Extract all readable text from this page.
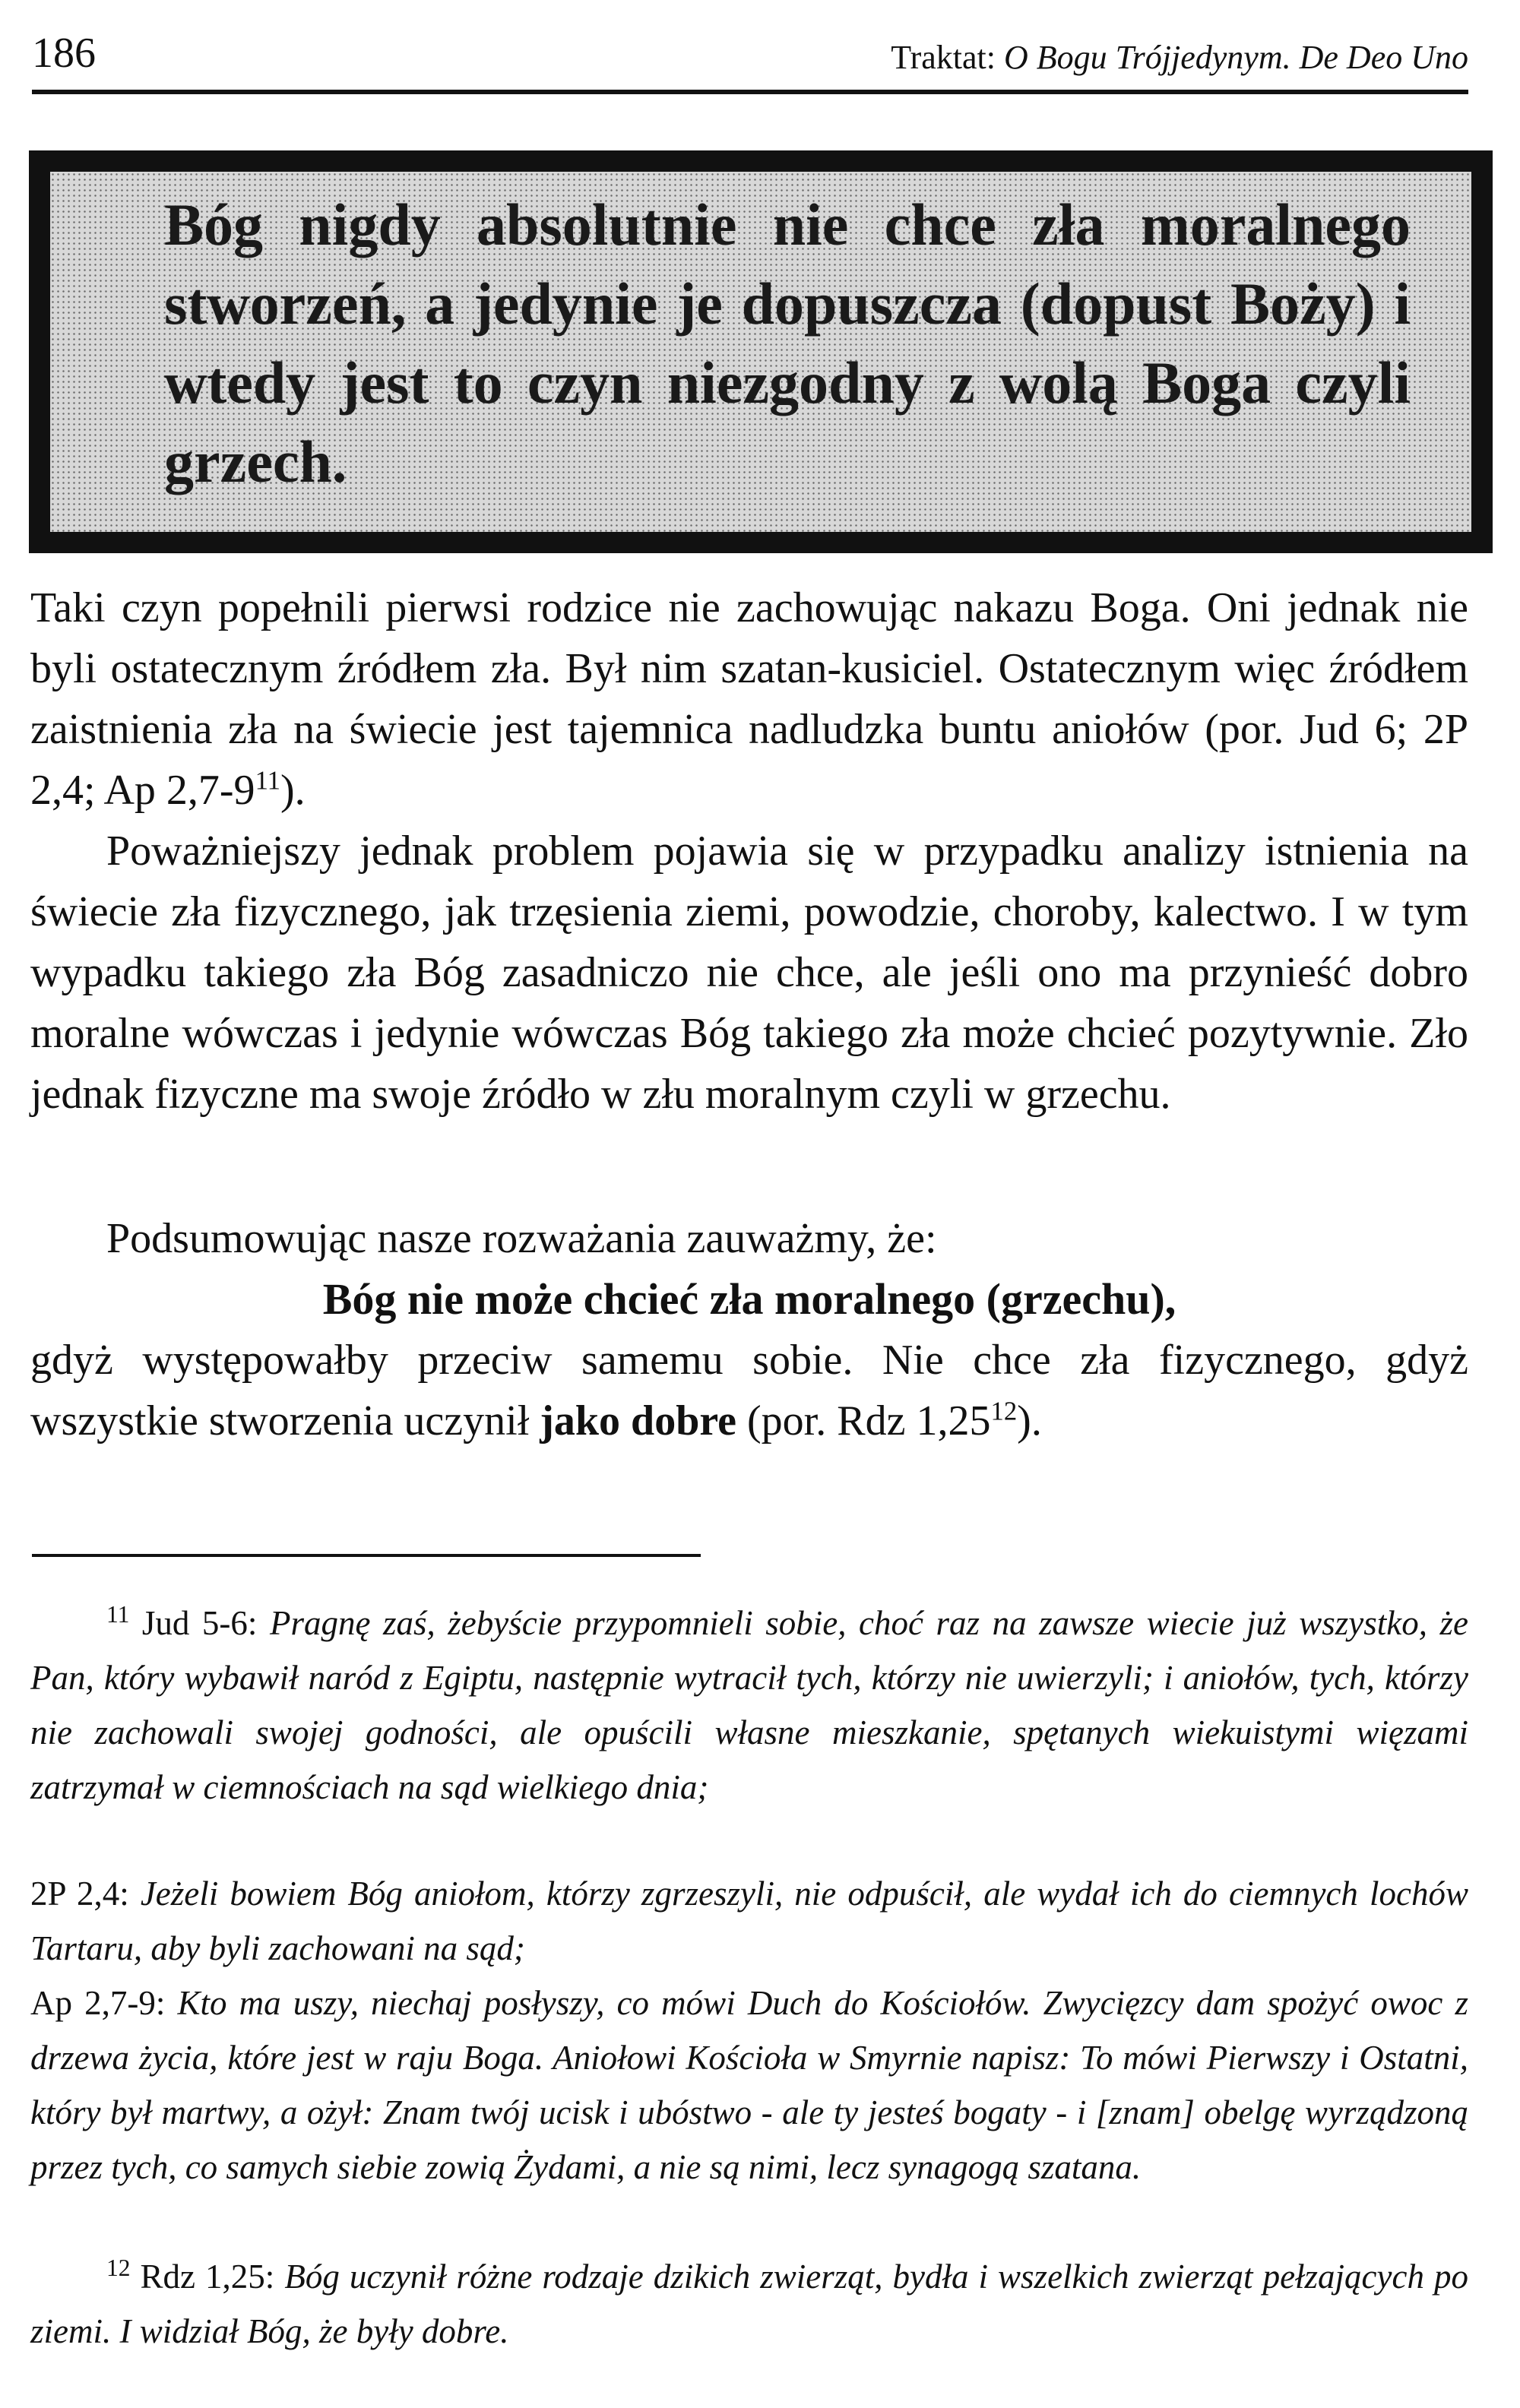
186	Traktat: O Bogu Trójjedynym. De Deo Uno
Bóg nigdy absolutnie nie chce zła moralnego stworzeń, a jedynie je dopuszcza (dopust Boży) i wtedy jest to czyn niezgodny z wolą Boga czyli grzech.
Taki czyn popełnili pierwsi rodzice nie zachowując nakazu Boga. Oni jednak nie byli ostatecznym źródłem zła. Był nim szatan-kusiciel. Ostatecznym więc źródłem zaistnienia zła na świecie jest tajemnica nadludzka buntu aniołów (por. Jud 6; 2P 2,4; Ap $2,7-9^{11}$).
Poważniejszy jednak problem pojawia się w przypadku analizy istnienia na świecie zła fizycznego, jak trzęsienia ziemi, powodzie, choroby, kalectwo. I w tym wypadku takiego zła Bóg zasadniczo nie chce, ale jeśli ono ma przynieść dobro moralne wówczas i jedynie wówczas Bóg takiego zła może chcieć pozytywnie. Zło jednak fizyczne ma swoje źródło w złu moralnym czyli w grzechu.
Podsumowując nasze rozważania zauważmy, że:
Bóg nie może chcieć zła moralnego (grzechu),
gdyż występowałby przeciw samemu sobie. Nie chce zła fizycznego, gdyż wszystkie stworzenia uczynił jako dobre (por. Rdz 1,25$^{12}$).
$^{11}$ Jud 5-6: Pragnę zaś, żebyście przypomnieli sobie, choć raz na zawsze wiecie już wszystko, że Pan, który wybawił naród z Egiptu, następnie wytracił tych, którzy nie uwierzyli; i aniołów, tych, którzy nie zachowali swojej godności, ale opuścili własne mieszkanie, spętanych wiekuistymi więzami zatrzymał w ciemnościach na sąd wielkiego dnia;
2P 2,4: Jeżeli bowiem Bóg aniołom, którzy zgrzeszyli, nie odpuścił, ale wydał ich do ciemnych lochów Tartaru, aby byli zachowani na sąd;
Ap 2,7-9: Kto ma uszy, niechaj posłyszy, co mówi Duch do Kościołów. Zwycięzcy dam spożyć owoc z drzewa życia, które jest w raju Boga. Aniołowi Kościoła w Smyrnie napisz: To mówi Pierwszy i Ostatni, który był martwy, a ożył: Znam twój ucisk i ubóstwo - ale ty jesteś bogaty - i [znam] obelgę wyrządzoną przez tych, co samych siebie zowią Żydami, a nie są nimi, lecz synagogą szatana.
$^{12}$ Rdz 1,25: Bóg uczynił różne rodzaje dzikich zwierząt, bydła i wszelkich zwierząt pełzających po ziemi. I widział Bóg, że były dobre.
